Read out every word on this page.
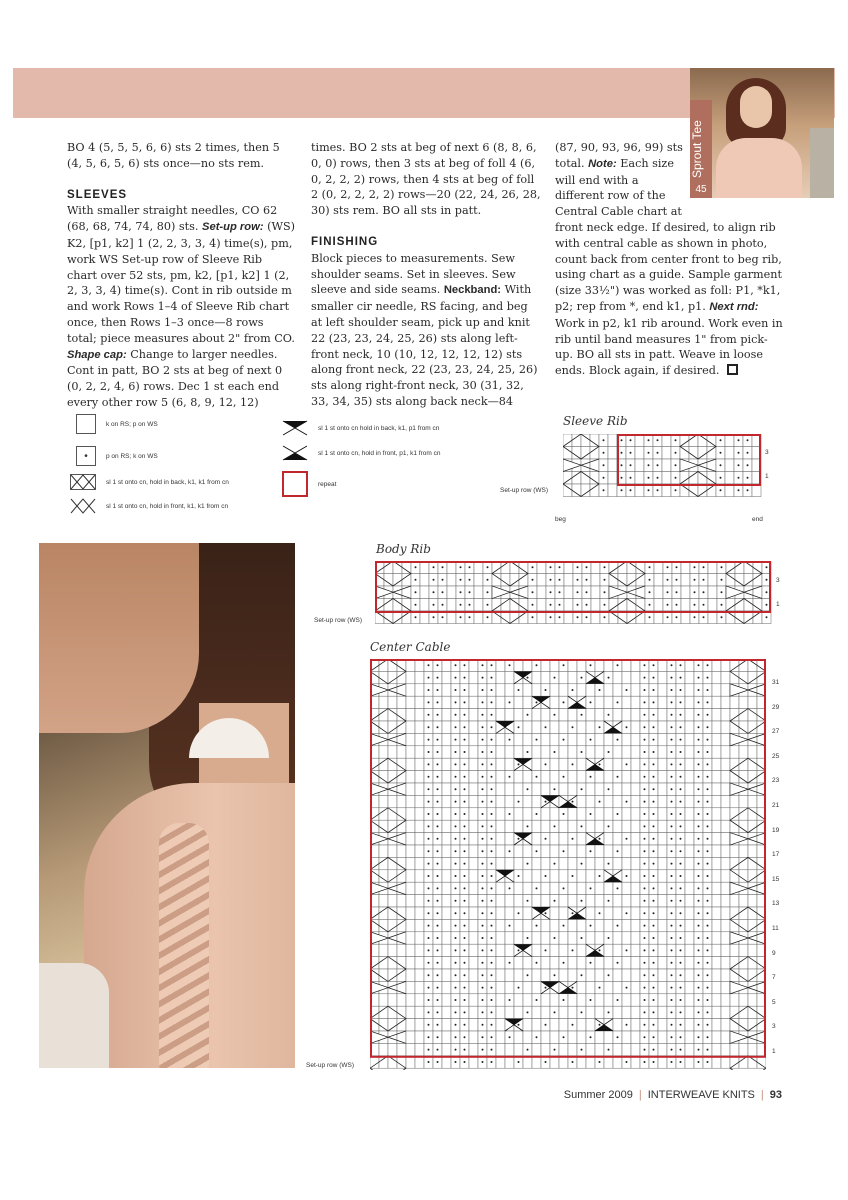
Sprout Tee
45

BO 4 (5, 5, 5, 6, 6) sts 2 times, then 5 (4, 5, 6, 5, 6) sts once—no sts rem.

SLEEVES

With smaller straight needles, CO 62 (68, 68, 74, 74, 80) sts. Set-up row: (WS) K2, [p1, k2] 1 (2, 2, 3, 3, 4) time(s), pm, work WS Set-up row of Sleeve Rib chart over 52 sts, pm, k2, [p1, k2] 1 (2, 2, 3, 3, 4) time(s). Cont in rib outside m and work Rows 1–4 of Sleeve Rib chart once, then Rows 1–3 once—8 rows total; piece measures about 2" from CO. Shape cap: Change to larger needles. Cont in patt, BO 2 sts at beg of next 0 (0, 2, 2, 4, 6) rows. Dec 1 st each end every other row 5 (6, 8, 9, 12, 12)

times. BO 2 sts at beg of next 6 (8, 8, 6, 0, 0) rows, then 3 sts at beg of foll 4 (6, 0, 2, 2, 2) rows, then 4 sts at beg of foll 2 (0, 2, 2, 2, 2) rows—20 (22, 24, 26, 28, 30) sts rem. BO all sts in patt.

FINISHING

Block pieces to measurements. Sew shoulder seams. Set in sleeves. Sew sleeve and side seams. Neckband: With smaller cir needle, RS facing, and beg at left shoulder seam, pick up and knit 22 (23, 23, 24, 25, 26) sts along left-front neck, 10 (10, 12, 12, 12, 12) sts along front neck, 22 (23, 23, 24, 25, 26) sts along right-front neck, 30 (31, 32, 33, 34, 35) sts along back neck—84

(87, 90, 93, 96, 99) sts total. Note: Each size will end with a different row of the Central Cable chart at

front neck edge. If desired, to align rib with central cable as shown in photo, count back from center front to beg rib, using chart as a guide. Sample garment (size 33½") was worked as foll: P1, *k1, p2; rep from *, end k1, p1. Next rnd: Work in p2, k1 rib around. Work even in rib until band measures 1" from pick-up. BO all sts in patt. Weave in loose ends. Block again, if desired.

k on RS; p on WS
•	p on RS; k on WS
sl 1 st onto cn, hold in back, k1, k1 from cn
sl 1 st onto cn, hold in front, k1, k1 from cn
sl 1 st onto cn hold in back, k1, p1 from cn
sl 1 st onto cn, hold in front, p1, k1 from cn
repeat
Sleeve Rib
3
1
Set-up row (WS)
beg	end
Body Rib
3
1
Set-up row (WS)
Center Cable
31
29
27
25
23
21
19
17
15
13
11
9
7
5
3
1
Set-up row (WS)
Summer 2009 | INTERWEAVE KNITS | 93
